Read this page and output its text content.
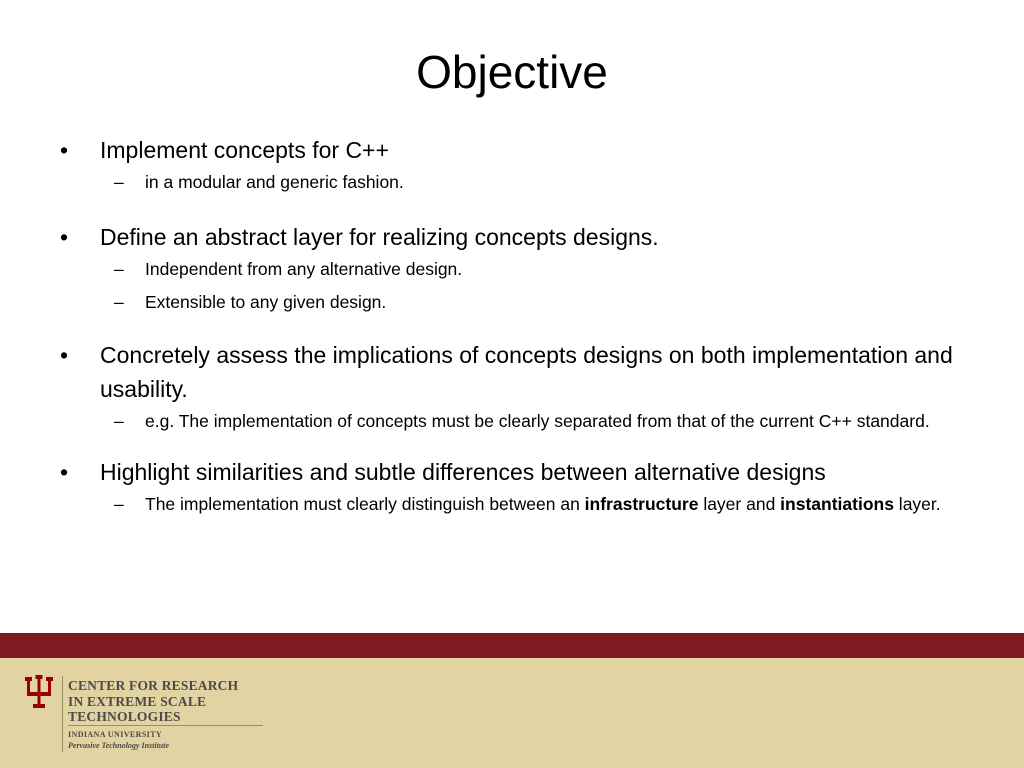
Objective
• Implement concepts for C++
– in a modular and generic fashion.
• Define an abstract layer for realizing concepts designs.
– Independent from any alternative design.
– Extensible to any given design.
• Concretely assess the implications of concepts designs on both implementation and usability.
– e.g. The implementation of concepts must be clearly separated from that of the current C++ standard.
• Highlight similarities and subtle differences between alternative designs
– The implementation must clearly distinguish between an infrastructure layer and instantiations layer.
CENTER FOR RESEARCH
IN EXTREME SCALE
TECHNOLOGIES
INDIANA UNIVERSITY
Pervasive Technology Institute
